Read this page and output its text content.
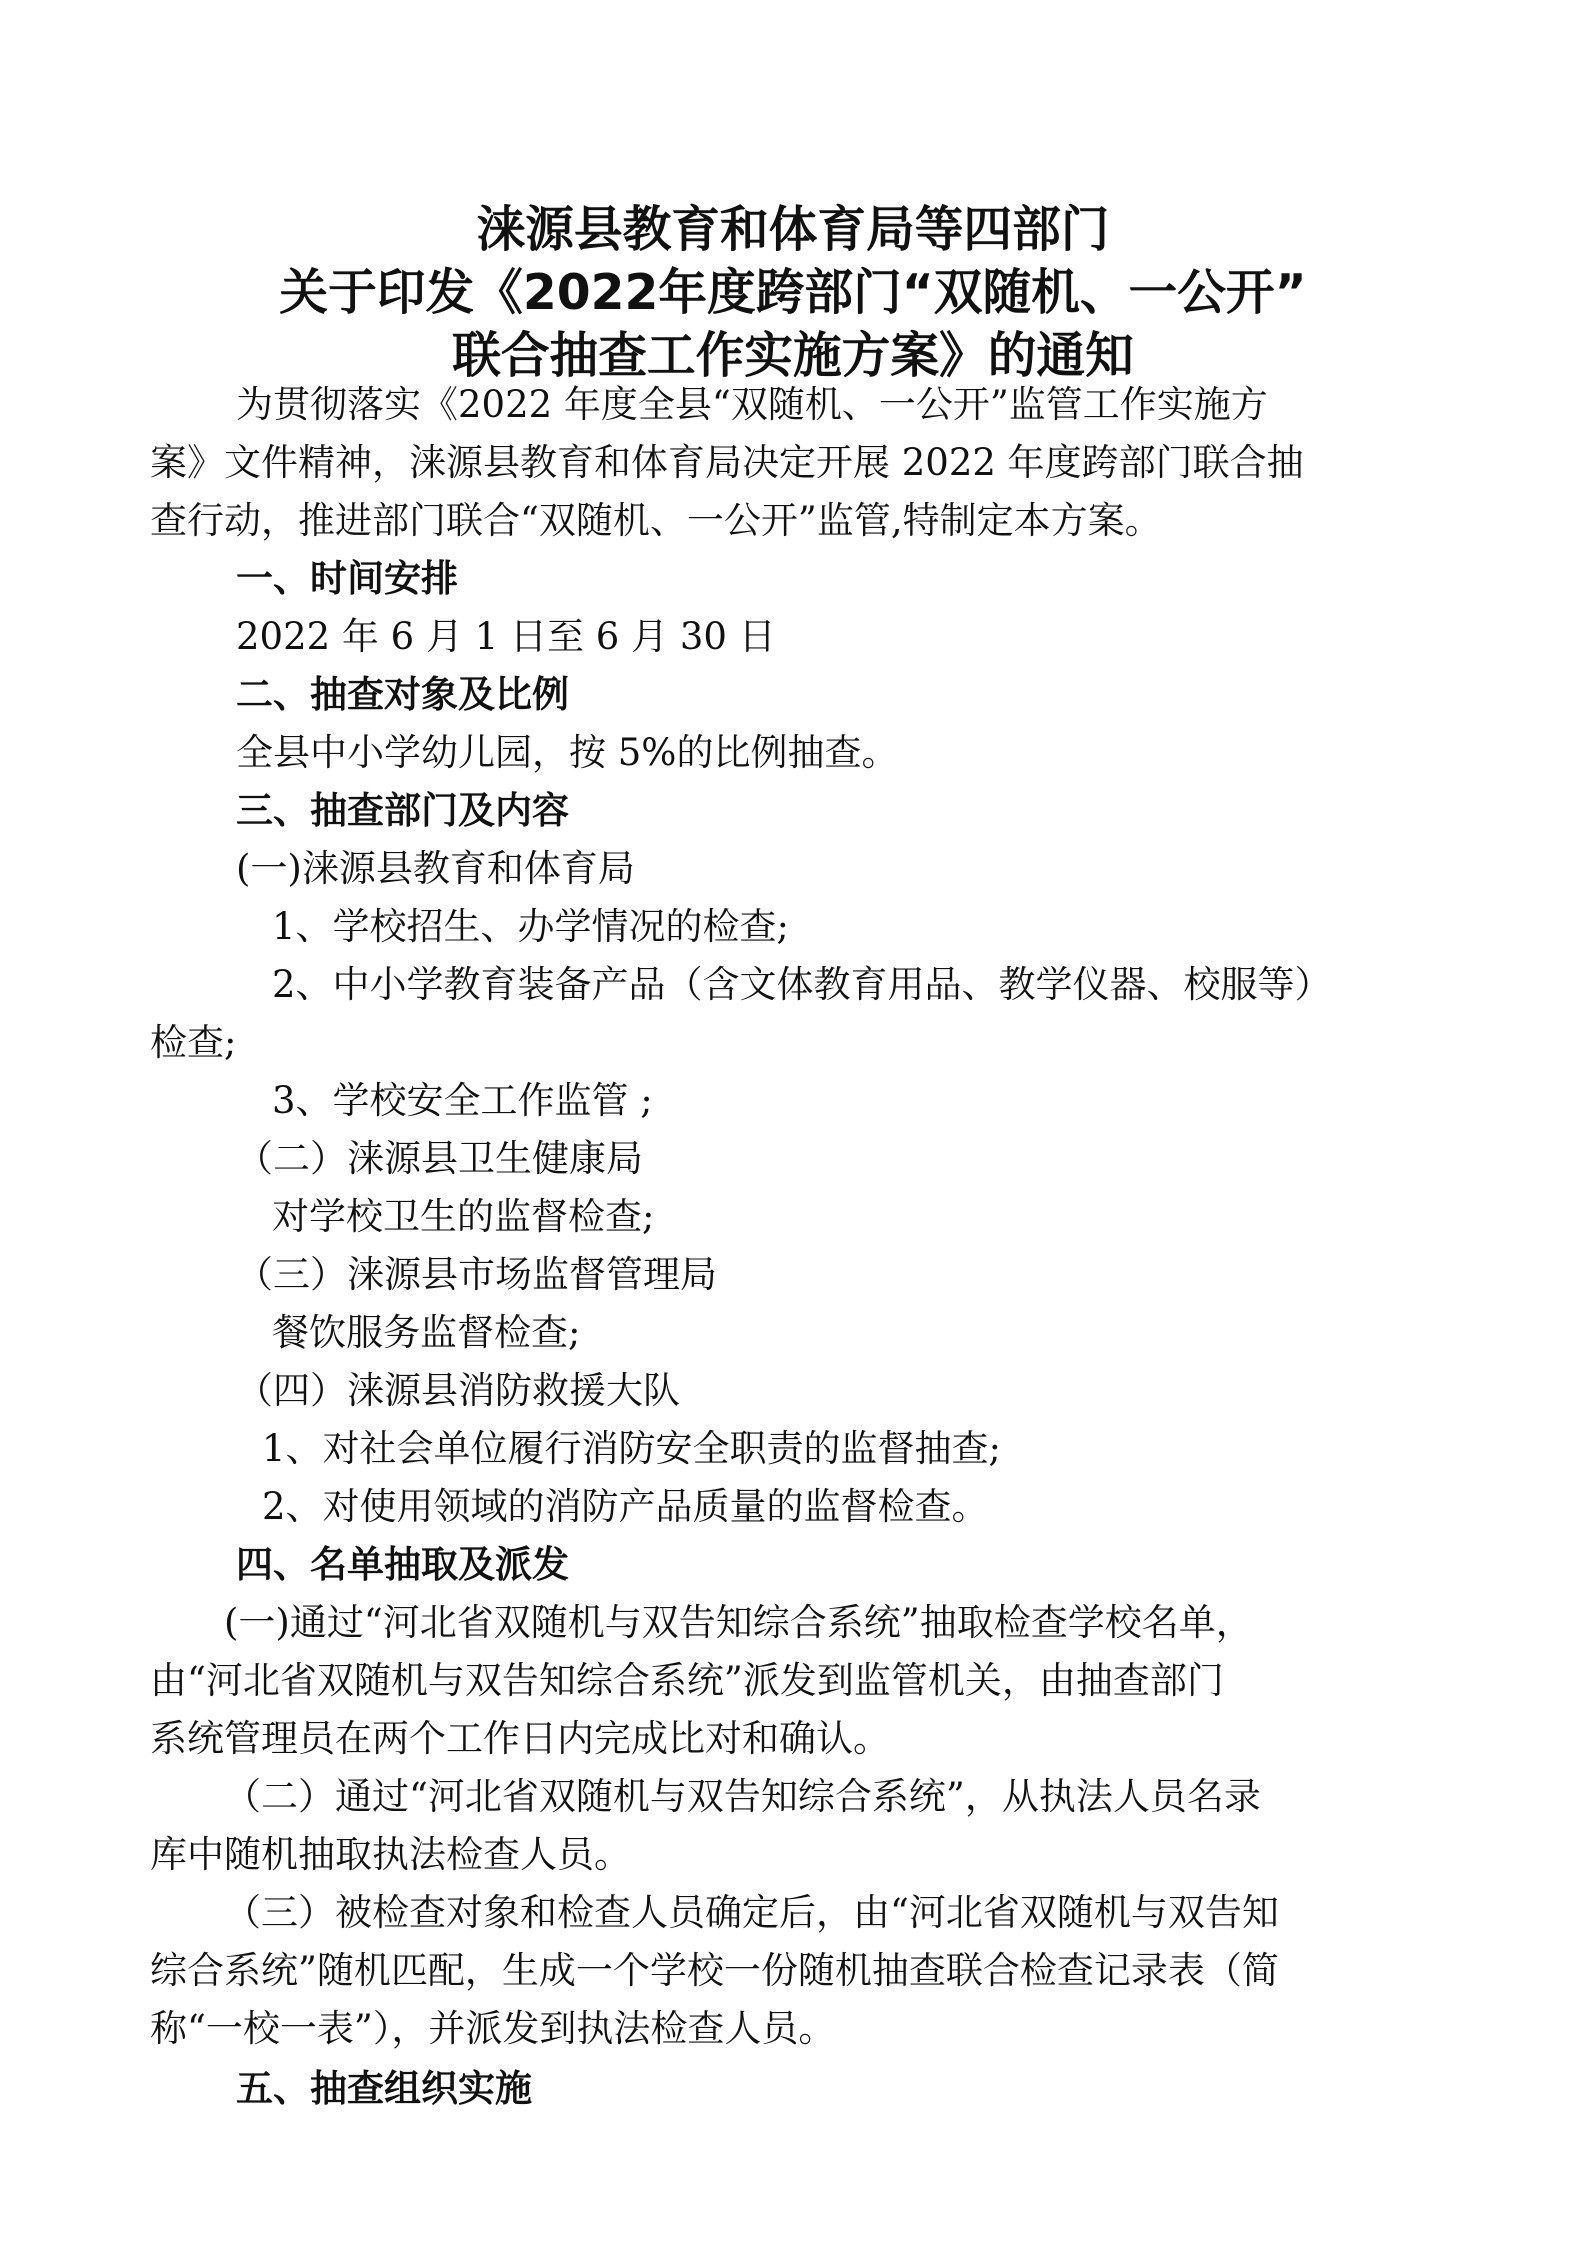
涞源县教育和体育局等四部门
关于印发《2022年度跨部门“双随机、一公开”
联合抽查工作实施方案》的通知

为贯彻落实《2022 年度全县“双随机、一公开”监管工作实施方

案》文件精神，涞源县教育和体育局决定开展 2022 年度跨部门联合抽

查行动，推进部门联合“双随机、一公开”监管,特制定本方案。

一、时间安排

2022 年 6 月 1 日至 6 月 30 日

二、抽查对象及比例

全县中小学幼儿园，按 5%的比例抽查。

三、抽查部门及内容

(一)涞源县教育和体育局

1、学校招生、办学情况的检查;

2、中小学教育装备产品（含文体教育用品、教学仪器、校服等）

检查;

3、学校安全工作监管 ;

（二）涞源县卫生健康局

对学校卫生的监督检查;

（三）涞源县市场监督管理局

餐饮服务监督检查;

（四）涞源县消防救援大队

1、对社会单位履行消防安全职责的监督抽查;

2、对使用领域的消防产品质量的监督检查。

四、名单抽取及派发

(一)通过“河北省双随机与双告知综合系统”抽取检查学校名单，

由“河北省双随机与双告知综合系统”派发到监管机关，由抽查部门

系统管理员在两个工作日内完成比对和确认。

（二）通过“河北省双随机与双告知综合系统”，从执法人员名录

库中随机抽取执法检查人员。

（三）被检查对象和检查人员确定后，由“河北省双随机与双告知

综合系统”随机匹配，生成一个学校一份随机抽查联合检查记录表（简

称“一校一表”），并派发到执法检查人员。

五、抽查组织实施
